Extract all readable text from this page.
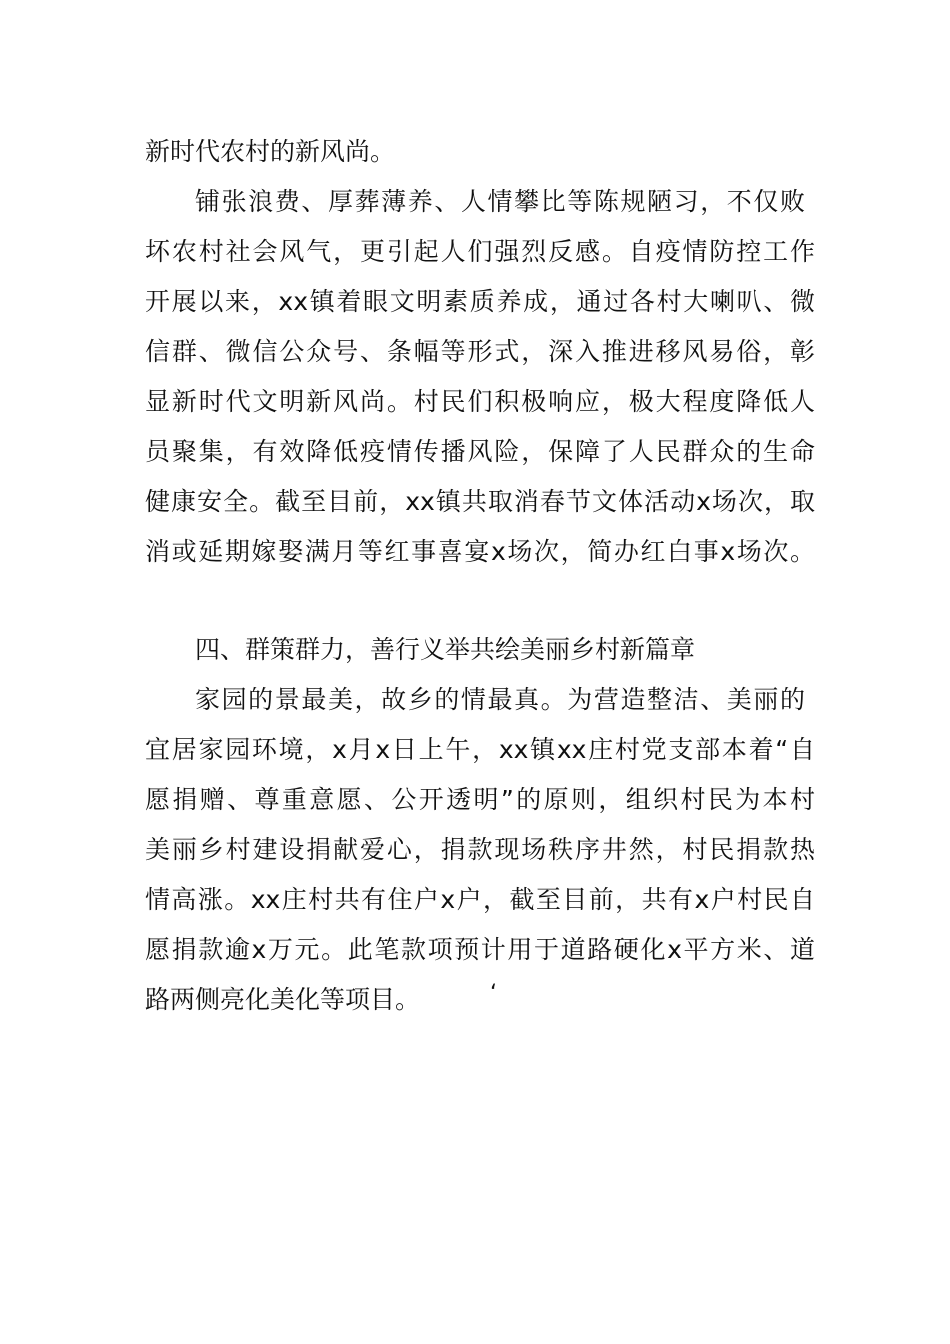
新时代农村的新风尚。
铺张浪费、厚葬薄养、人情攀比等陈规陋习，不仅败
坏农村社会风气，更引起人们强烈反感。自疫情防控工作
开展以来，xx镇着眼文明素质养成，通过各村大喇叭、微
信群、微信公众号、条幅等形式，深入推进移风易俗，彰
显新时代文明新风尚。村民们积极响应，极大程度降低人
员聚集，有效降低疫情传播风险，保障了人民群众的生命
健康安全。截至目前，xx镇共取消春节文体活动x场次，取
消或延期嫁娶满月等红事喜宴x场次，简办红白事x场次。
四、群策群力，善行义举共绘美丽乡村新篇章
家园的景最美，故乡的情最真。为营造整洁、美丽的
宜居家园环境，x月x日上午，xx镇xx庄村党支部本着“自
愿捐赠、尊重意愿、公开透明”的原则，组织村民为本村
美丽乡村建设捐献爱心，捐款现场秩序井然，村民捐款热
情高涨。xx庄村共有住户x户，截至目前，共有x户村民自
愿捐款逾x万元。此笔款项预计用于道路硬化x平方米、道
路两侧亮化美化等项目。	‘
